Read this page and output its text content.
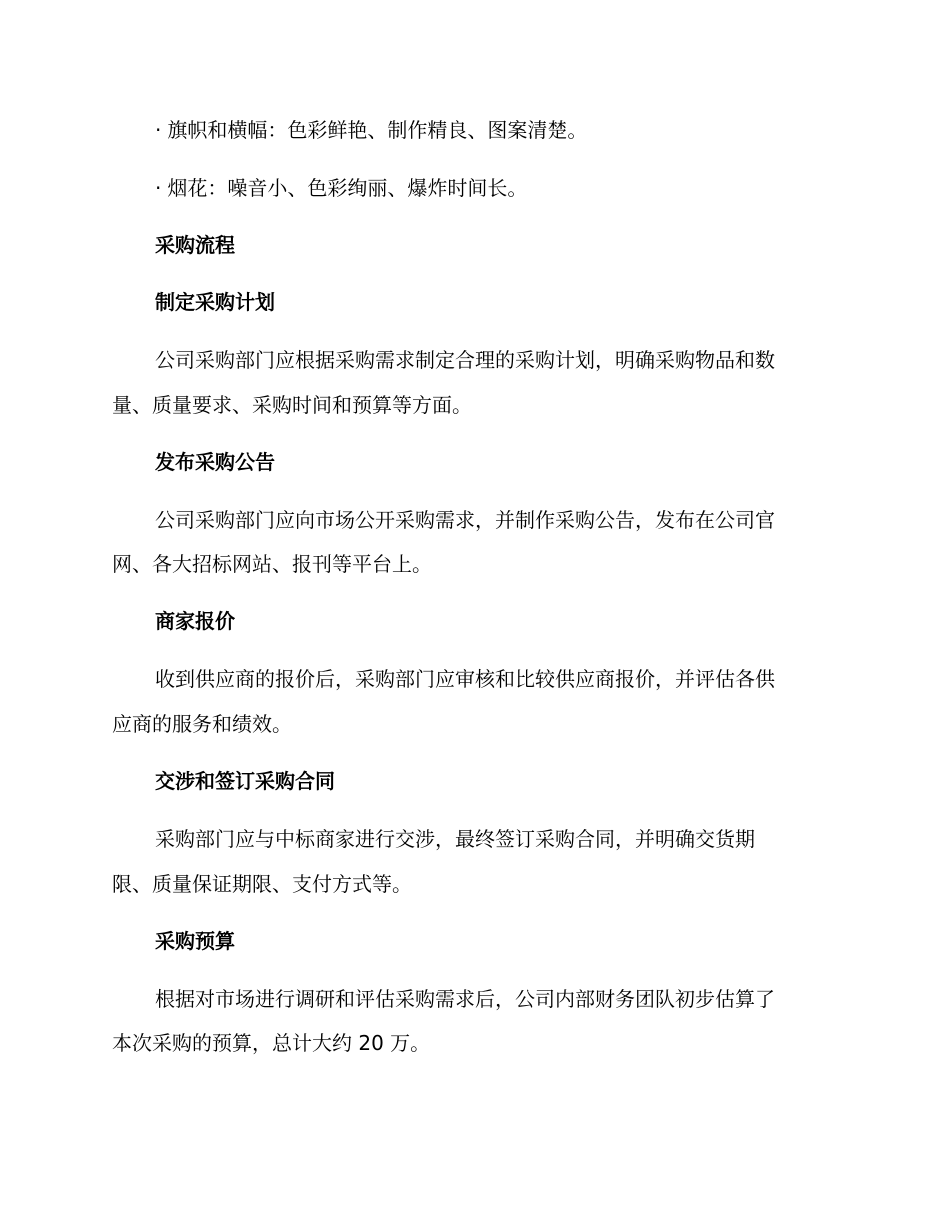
· 旗帜和横幅：色彩鲜艳、制作精良、图案清楚。

· 烟花：噪音小、色彩绚丽、爆炸时间长。

采购流程
制定采购计划

公司采购部门应根据采购需求制定合理的采购计划，明确采购物品和数

量、质量要求、采购时间和预算等方面。

发布采购公告

公司采购部门应向市场公开采购需求，并制作采购公告，发布在公司官

网、各大招标网站、报刊等平台上。

商家报价

收到供应商的报价后，采购部门应审核和比较供应商报价，并评估各供

应商的服务和绩效。

交涉和签订采购合同

采购部门应与中标商家进行交涉，最终签订采购合同，并明确交货期

限、质量保证期限、支付方式等。

采购预算

根据对市场进行调研和评估采购需求后，公司内部财务团队初步估算了

本次采购的预算，总计大约 20 万。
